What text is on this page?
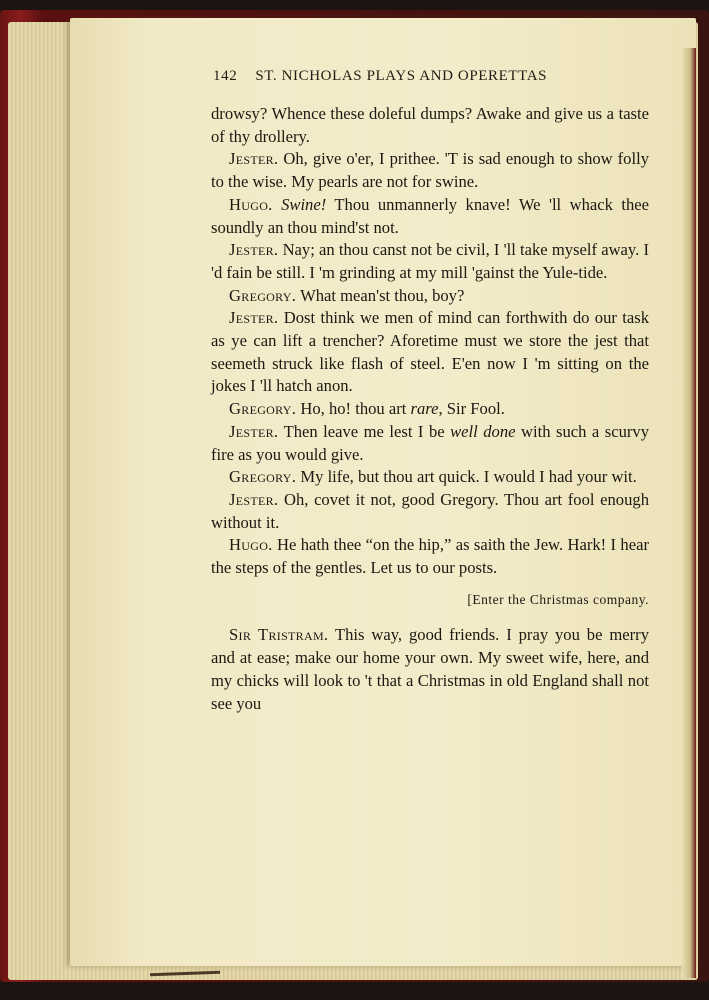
142 ST. NICHOLAS PLAYS AND OPERETTAS

drowsy? Whence these doleful dumps? Awake and give us a taste of thy drollery.

Jester. Oh, give o'er, I prithee. 'T is sad enough to show folly to the wise. My pearls are not for swine.

Hugo. Swine! Thou unmannerly knave! We 'll whack thee soundly an thou mind'st not.

Jester. Nay; an thou canst not be civil, I 'll take myself away. I 'd fain be still. I 'm grinding at my mill 'gainst the Yule-tide.

Gregory. What mean'st thou, boy?

Jester. Dost think we men of mind can forthwith do our task as ye can lift a trencher? Aforetime must we store the jest that seemeth struck like flash of steel. E'en now I 'm sitting on the jokes I 'll hatch anon.

Gregory. Ho, ho! thou art rare, Sir Fool.

Jester. Then leave me lest I be well done with such a scurvy fire as you would give.

Gregory. My life, but thou art quick. I would I had your wit.

Jester. Oh, covet it not, good Gregory. Thou art fool enough without it.

Hugo. He hath thee “on the hip,” as saith the Jew. Hark! I hear the steps of the gentles. Let us to our posts.

[Enter the Christmas company.

Sir Tristram. This way, good friends. I pray you be merry and at ease; make our home your own. My sweet wife, here, and my chicks will look to 't that a Christmas in old England shall not see you
